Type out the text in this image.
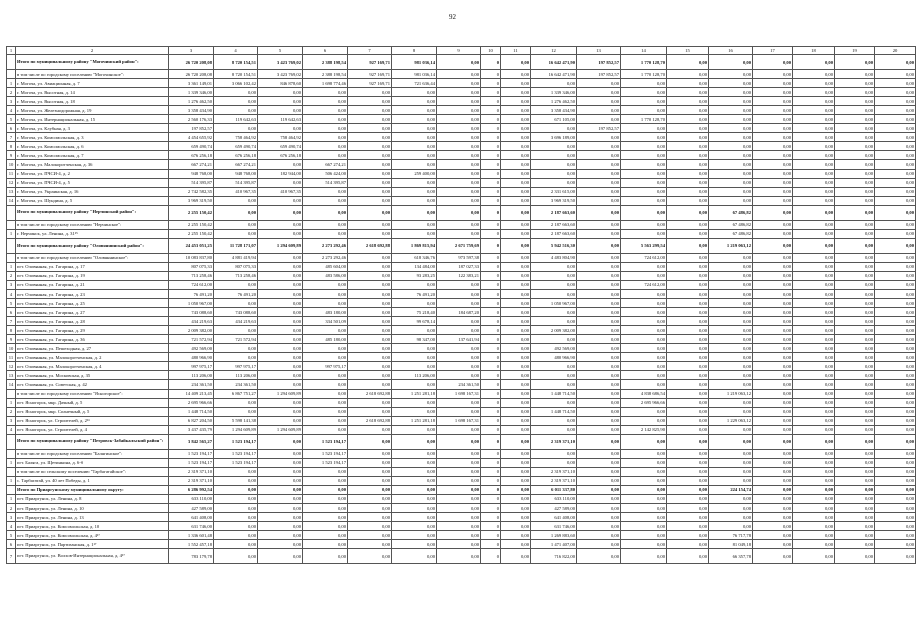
92
1	2	3	4	5	6	7	8	9	10	11	12	13	14	15	16	17	18	19	20
	Итого по муниципальному району "Могочинский район":	26 720 208,08	8 720 154,51	3 423 769,02	2 388 198,54	927 169,71	981 036,14	0,00	0	0,00	16 642 471,90	197 852,57	1 770 128,70	0,00	0,00	0,00	0,00	0,00	0,00
	в том числе по городскому поселению "Могочинское":	26 720 208,08	8 720 154,51	3 423 769,02	2 388 198,54	927 169,71	981 036,14	0,00	0	0,00	16 642 471,90	197 852,57	1 770 128,70	0,00	0,00	0,00	0,00	0,00	0,00
1	г. Могоча, ул. Авиационная, д. 7	3 361 149,01	3 066 102,42	846 878,60	1 698 774,46	927 169,71	721 636,44	0,00	0	0,00	0,00	0,00	0,00	0,00	0,00	0,00	0,00	0,00	0,00
2	г. Могоча, ул. Высотная, д. 14	1 339 346,00	0,00	0,00	0,00	0,00	0,00	0,00	0	0,00	1 339 346,00	0,00	0,00	0,00	0,00	0,00	0,00	0,00	0,00
3	г. Могоча, ул. Высотная, д. 18	1 276 462,50	0,00	0,00	0,00	0,00	0,00	0,00	0	0,00	1 276 462,50	0,00	0,00	0,00	0,00	0,00	0,00	0,00	0,00
4	г. Могоча, ул. Железнодорожная, д. 19	3 358 434,90	0,00	0,00	0,00	0,00	0,00	0,00	0	0,00	3 358 434,90	0,00	0,00	0,00	0,00	0,00	0,00	0,00	0,00
5	г. Могоча, ул. Интернациональная, д. 15	2 560 176,33	119 642,63	119 642,63	0,00	0,00	0,00	0,00	0	0,00	671 105,00	0,00	1 770 128,70	0,00	0,00	0,00	0,00	0,00	0,00
6	г. Могоча, ул. Клубная, д. 3	197 852,57	0,00	0,00	0,00	0,00	0,00	0,00	0	0,00	0,00	197 852,57	0,00	0,00	0,00	0,00	0,00	0,00	0,00
7	г. Могоча, ул. Комсомольская, д. 3	4 454 655,92	758 464,92	758 464,92	0,00	0,00	0,00	0,00	0	0,00	3 696 189,00	0,00	0,00	0,00	0,00	0,00	0,00	0,00	0,00
8	г. Могоча, ул. Комсомольская, д. 6	659 490,74	659 490,74	659 490,74	0,00	0,00	0,00	0,00	0	0,00	0,00	0,00	0,00	0,00	0,00	0,00	0,00	0,00	0,00
9	г. Могоча, ул. Комсомольская, д. 7	676 256,18	676 256,18	676 256,18	0,00	0,00	0,00	0,00	0	0,00	0,00	0,00	0,00	0,00	0,00	0,00	0,00	0,00	0,00
10	г. Могоча, ул. Малокоротченская, д. 36	667 274,21	667 274,21	0,00	667 274,21	0,00	0,00	0,00	0	0,00	0,00	0,00	0,00	0,00	0,00	0,00	0,00	0,00	0,00
11	г. Могоча, ул. ПЧСИ-4, д. 2	948 768,00	948 768,00	182 944,00	506 424,00	0,00	259 400,00	0,00	0	0,00	0,00	0,00	0,00	0,00	0,00	0,00	0,00	0,00	0,00
12	г. Могоча, ул. ПЧСИ-4, д. 5	514 395,87	514 395,87	0,00	514 395,87	0,00	0,00	0,00	0	0,00	0,00	0,00	0,00	0,00	0,00	0,00	0,00	0,00	0,00
13	г. Могоча, ул. Украинская, д. 16	2 742 582,35	410 967,35	410 967,35	0,00	0,00	0,00	0,00	0	0,00	2 331 615,00	0,00	0,00	0,00	0,00	0,00	0,00	0,00	0,00
14	г. Могоча, ул. Шундина, д. 5	3 969 319,50	0,00	0,00	0,00	0,00	0,00	0,00	0	0,00	3 969 319,50	0,00	0,00	0,00	0,00	0,00	0,00	0,00	0,00
	Итого по муниципальному району "Нерчинский район":	2 255 150,42	0,00	0,00	0,00	0,00	0,00	0,00	0	0,00	2 187 663,60	0,00	0,00	0,00	67 486,82	0,00	0,00	0,00	0,00
	в том числе по городскому поселению "Нерчинское":	2 255 150,42	0,00	0,00	0,00	0,00	0,00	0,00	0	0,00	2 187 663,60	0,00	0,00	0,00	67 486,82	0,00	0,00	0,00	0,00
1	г. Нерчинск, ул. Ленина, д. 31¹⁵	2 255 150,42	0,00	0,00	0,00	0,00	0,00	0,00	0	0,00	2 187 663,60	0,00	0,00	0,00	67 486,82	0,00	0,00	0,00	0,00
	Итого по муниципальному району "Оловяннинский район":	24 453 051,25	11 728 171,07	1 294 609,89	2 273 292,46	2 618 692,88	1 869 815,94	2 671 759,69	0	0,00	5 942 516,30	0,00	5 563 299,54	0,00	1 219 063,12	0,00	0,00	0,00	0,00
	в том числе по городскому поселению "Оловяннинское":	10 083 837,80	4 881 419,94	0,00	2 273 292,46	0,00	618 346,76	973 597,38	0	0,00	4 483 804,90	0,00	724 612,00	0,00	0,00	0,00	0,00	0,00	0,00
1	пгт. Оловянная, ул. Гагарина, д. 17	807 075,33	807 075,33	0,00	485 604,00	0,00	134 484,00	187 027,33	0	0,00	0,00	0,00	0,00	0,00	0,00	0,00	0,00	0,00	0,00
2	пгт. Оловянная, ул. Гагарина, д. 19	713 258,46	713 258,46	0,00	483 586,00	0,00	93 283,25	122 383,21	0	0,00	0,00	0,00	0,00	0,00	0,00	0,00	0,00	0,00	0,00
3	пгт. Оловянная, ул. Гагарина, д. 21	724 612,00	0,00	0,00	0,00	0,00	0,00	0,00	0	0,00	0,00	0,00	724 612,00	0,00	0,00	0,00	0,00	0,00	0,00
4	пгт. Оловянная, ул. Гагарина, д. 23	76 491,20	76 491,20	0,00	0,00	0,00	76 491,20	0,00	0	0,00	0,00	0,00	0,00	0,00	0,00	0,00	0,00	0,00	0,00
5	пгт. Оловянная, ул. Гагарина, д. 25	1 050 967,00	0,00	0,00	0,00	0,00	0,00	0,00	0	0,00	1 050 967,00	0,00	0,00	0,00	0,00	0,00	0,00	0,00	0,00
6	пгт. Оловянная, ул. Гагарина, д. 27	743 088,60	743 088,60	0,00	483 180,00	0,00	75 218,40	184 687,20	0	0,00	0,00	0,00	0,00	0,00	0,00	0,00	0,00	0,00	0,00
7	пгт. Оловянная, ул. Гагарина, д. 28	434 219,63	434 219,63	0,00	334 501,09	0,00	99 678,14	0,00	0	0,00	0,00	0,00	0,00	0,00	0,00	0,00	0,00	0,00	0,00
8	пгт. Оловянная, ул. Гагарина, д. 29	2 009 382,00	0,00	0,00	0,00	0,00	0,00	0,00	0	0,00	2 009 382,00	0,00	0,00	0,00	0,00	0,00	0,00	0,00	0,00
9	пгт. Оловянная, ул. Гагарина, д. 36	721 572,94	721 572,94	0,00	485 180,00	0,00	98 347,00	137 641,94	0	0,00	0,00	0,00	0,00	0,00	0,00	0,00	0,00	0,00	0,00
10	пгт. Оловянная, ул. Пешеходная, д. 27	492 569,00	0,00	0,00	0,00	0,00	0,00	0,00	0	0,00	492 569,00	0,00	0,00	0,00	0,00	0,00	0,00	0,00	0,00
11	пгт. Оловянная, ул. Малокоротченская, д. 2	480 966,90	0,00	0,00	0,00	0,00	0,00	0,00	0	0,00	480 966,90	0,00	0,00	0,00	0,00	0,00	0,00	0,00	0,00
12	пгт. Оловянная, ул. Малокоротченская, д. 4	997 975,17	997 975,17	0,00	997 975,17	0,00	0,00	0,00	0	0,00	0,00	0,00	0,00	0,00	0,00	0,00	0,00	0,00	0,00
13	пгт. Оловянная, ул. Московская, д. 35	113 206,00	113 206,00	0,00	0,00	0,00	113 206,00	0,00	0	0,00	0,00	0,00	0,00	0,00	0,00	0,00	0,00	0,00	0,00
14	пгт. Оловянная, ул. Советская, д. 42	234 361,50	234 361,50	0,00	0,00	0,00	0,00	234 361,50	0	0,00	0,00	0,00	0,00	0,00	0,00	0,00	0,00	0,00	0,00
	в том числе по городскому поселению "Ясногорское":	14 409 213,45	6 867 751,27	1 294 609,89	0,00	2 618 692,88	1 251 281,18	1 698 167,31	0	0,00	1 448 714,50	0,00	4 838 686,54	0,00	1 219 063,12	0,00	0,00	0,00	0,00
1	пгт. Ясногорск, мкр. Дачный, д. 5	2 695 966,66	0,00	0,00	0,00	0,00	0,00	0,00	0	0,00	0,00	0,00	2 695 966,66	0,00	0,00	0,00	0,00	0,00	0,00
2	пгт. Ясногорск, мкр. Солнечный, д. 5	1 448 714,50	0,00	0,00	0,00	0,00	0,00	0,00	0	0,00	1 448 714,50	0,00	0,00	0,00	0,00	0,00	0,00	0,00	0,00
3	пгт. Ясногорск, ул. Строителей, д. 2¹⁶	6 827 204,50	5 598 141,38	0,00	0,00	2 618 692,88	1 251 281,18	1 698 167,31	0	0,00	0,00	0,00	0,00	0,00	1 229 063,12	0,00	0,00	0,00	0,00
4	пгт. Ясногорск, ул. Строителей, д. 4	3 437 435,79	1 294 609,89	1 294 609,89	0,00	0,00	0,00	0,00	0	0,00	0,00	0,00	2 142 825,90	0,00	0,00	0,00	0,00	0,00	0,00
	Итого по муниципальному району "Петровск-Забайкальский район":	3 842 565,27	1 523 194,17	0,00	1 523 194,17	0,00	0,00	0,00	0	0,00	2 319 371,10	0,00	0,00	0,00	0,00	0,00	0,00	0,00	0,00
	в том числе по городскому поселению "Балягинское":	1 523 194,17	1 523 194,17	0,00	1 523 194,17	0,00	0,00	0,00	0	0,00	0,00	0,00	0,00	0,00	0,00	0,00	0,00	0,00	0,00
1	пгт. Баляга, ул. Щетинкина, д. 6-б	1 523 194,17	1 523 194,17	0,00	1 523 194,17	0,00	0,00	0,00	0	0,00	0,00	0,00	0,00	0,00	0,00	0,00	0,00	0,00	0,00
	в том числе по сельскому поселению "Тарбагатайское":	2 319 371,10	0,00	0,00	0,00	0,00	0,00	0,00	0	0,00	2 319 371,10	0,00	0,00	0,00	0,00	0,00	0,00	0,00	0,00
1	с. Тарбагатай, ул. 40 лет Победы, д. 1	2 319 371,10	0,00	0,00	0,00	0,00	0,00	0,00	0	0,00	2 319 371,10	0,00	0,00	0,00	0,00	0,00	0,00	0,00	0,00
	Итого по Приаргунскому муниципальному округу:	6 286 992,54	0,00	0,00	0,00	0,00	0,00	0,00	0	0,00	6 011 337,80	0,00	0,00	0,00	224 154,74	0,00	0,00	0,00	0,00
1	пгт. Приаргунск, ул. Ленина, д. 8	633 110,00	0,00	0,00	0,00	0,00	0,00	0,00	0	0,00	633 110,00	0,00	0,00	0,00	0,00	0,00	0,00	0,00	0,00
2	пгт. Приаргунск, ул. Ленина, д. 10	427 589,00	0,00	0,00	0,00	0,00	0,00	0,00	0	0,00	427 589,00	0,00	0,00	0,00	0,00	0,00	0,00	0,00	0,00
3	пгт. Приаргунск, ул. Ленина, д. 13	641 408,00	0,00	0,00	0,00	0,00	0,00	0,00	0	0,00	641 408,00	0,00	0,00	0,00	0,00	0,00	0,00	0,00	0,00
4	пгт. Приаргунск, ул. Комсомольская, д. 10	631 746,00	0,00	0,00	0,00	0,00	0,00	0,00	0	0,00	631 746,00	0,00	0,00	0,00	0,00	0,00	0,00	0,00	0,00
5	пгт. Приаргунск, ул. Комсомольская, д. 4¹⁷	1 336 601,48	0,00	0,00	0,00	0,00	0,00	0,00	0	0,00	1 269 883,60	0,00	0,00	0,00	76 717,78	0,00	0,00	0,00	0,00
6	пгт. Приаргунск, ул. Партизанская, д. 1¹⁷	1 552 457,18	0,00	0,00	0,00	0,00	0,00	0,00	0	0,00	1 471 407,00	0,00	0,00	0,00	81 049,18	0,00	0,00	0,00	0,00
7	пгт. Приаргунск, ул. Волхов-Интернациональная, д. 4¹⁷	783 179,78	0,00	0,00	0,00	0,00	0,00	0,00	0	0,00	716 822,00	0,00	0,00	0,00	66 357,78	0,00	0,00	0,00	0,00
